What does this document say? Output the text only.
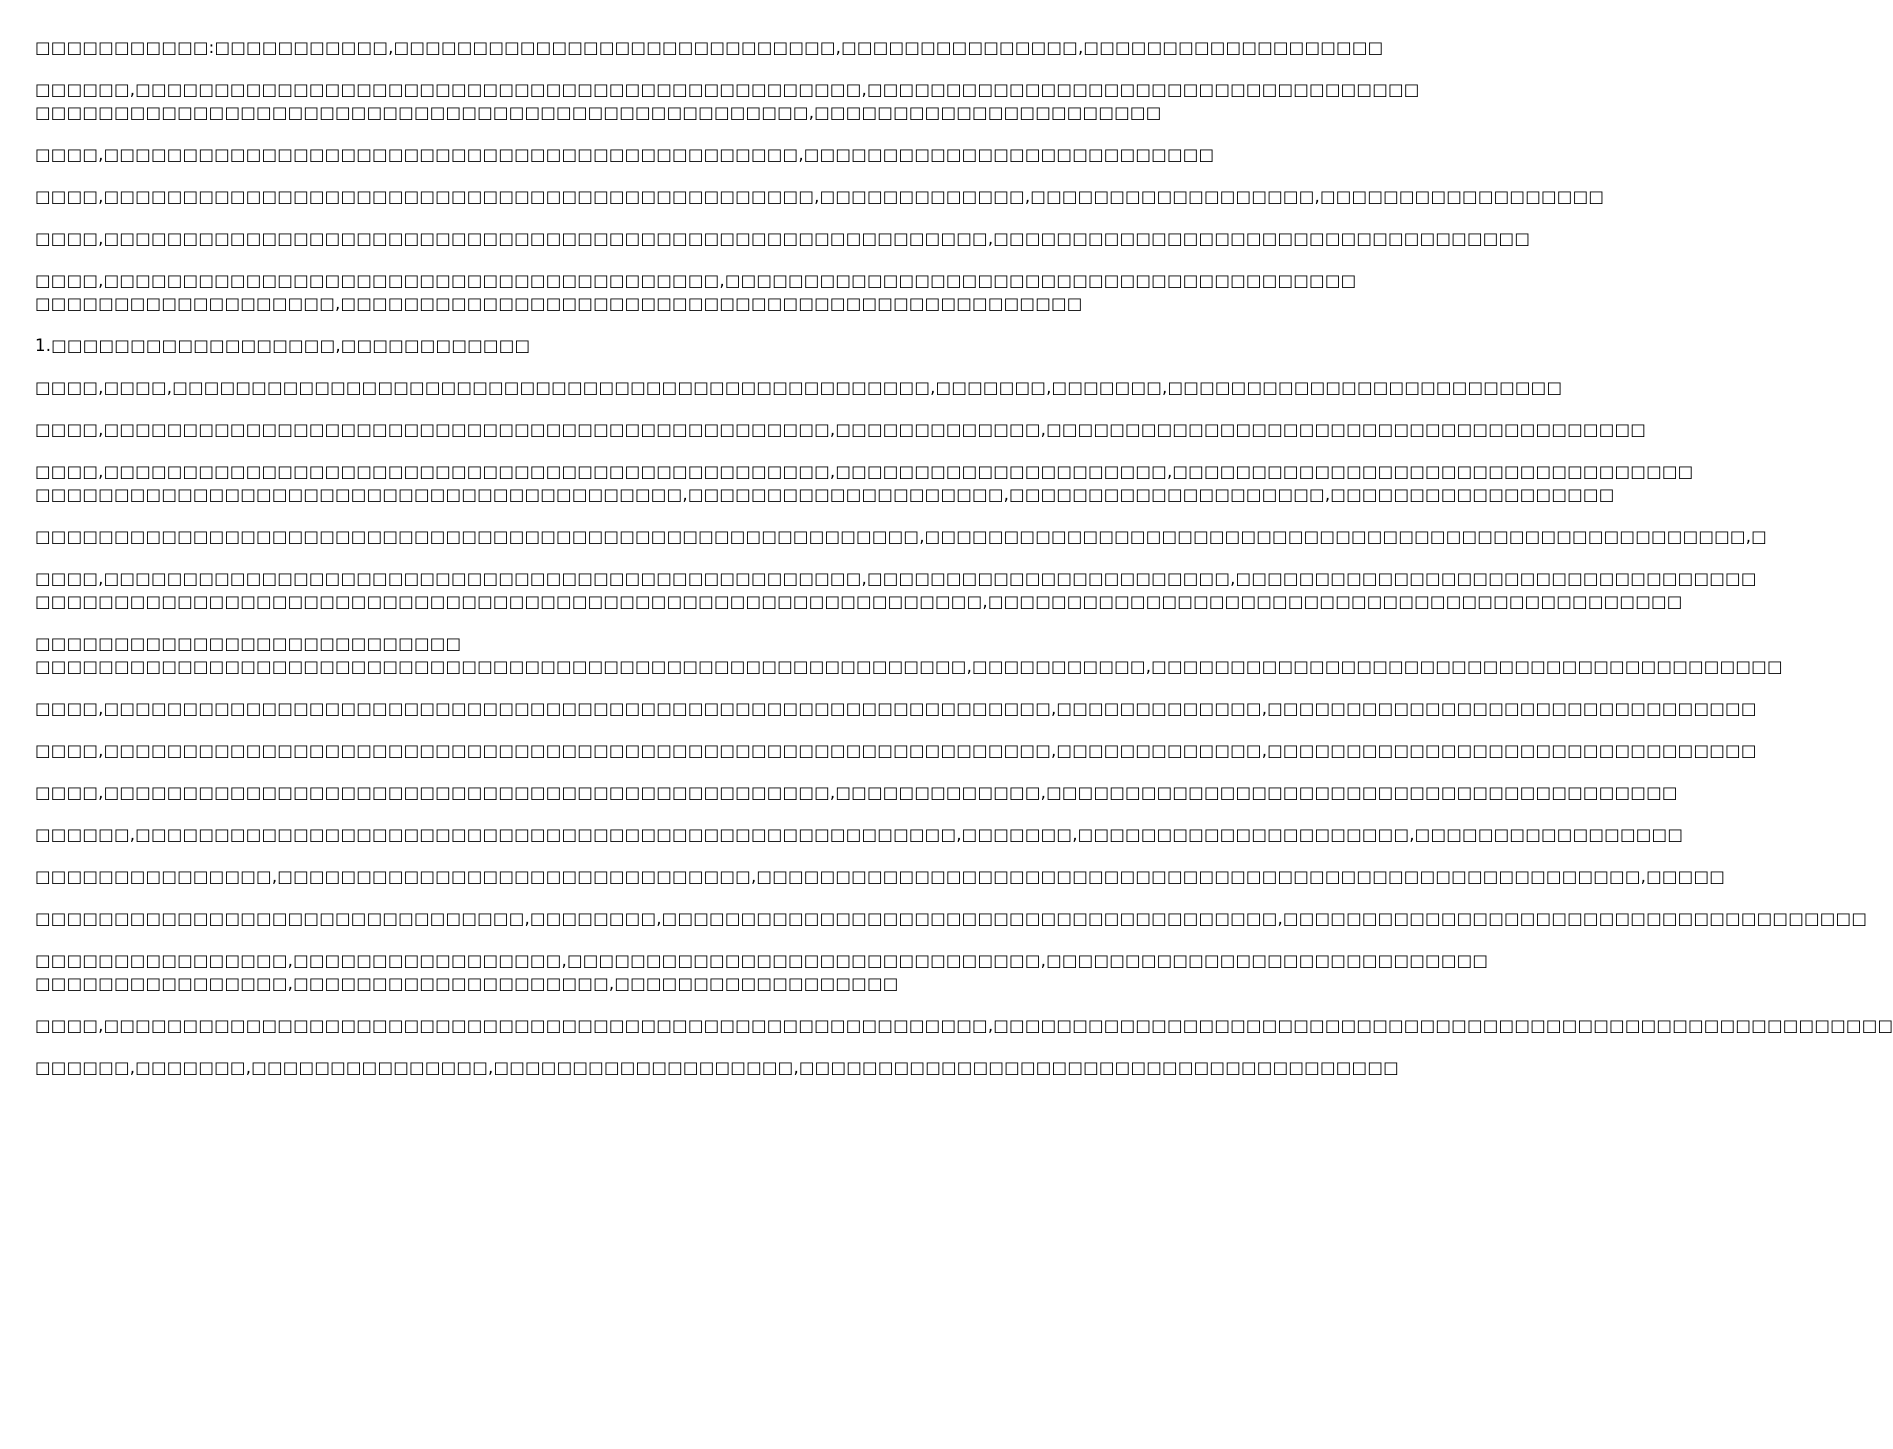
□□□□□□□□□□□:□□□□□□□□□□□,□□□□□□□□□□□□□□□□□□□□□□□□□□□□,□□□□□□□□□□□□□□□,□□□□□□□□□□□□□□□□□□□
□□□□□□,□□□□□□□□□□□□□□□□□□□□□□□□□□□□□□□□□□□□□□□□□□□□□□,□□□□□□□□□□□□□□□□□□□□□□□□□□□□□□□□□□□
□□□□□□□□□□□□□□□□□□□□□□□□□□□□□□□□□□□□□□□□□□□□□□□□□,□□□□□□□□□□□□□□□□□□□□□□
□□□□,□□□□□□□□□□□□□□□□□□□□□□□□□□□□□□□□□□□□□□□□□□□□,□□□□□□□□□□□□□□□□□□□□□□□□□□
□□□□,□□□□□□□□□□□□□□□□□□□□□□□□□□□□□□□□□□□□□□□□□□□□□,□□□□□□□□□□□□□,□□□□□□□□□□□□□□□□□□,□□□□□□□□□□□□□□□□□□
□□□□,□□□□□□□□□□□□□□□□□□□□□□□□□□□□□□□□□□□□□□□□□□□□□□□□□□□□□□□□,□□□□□□□□□□□□□□□□□□□□□□□□□□□□□□□□□□
□□□□,□□□□□□□□□□□□□□□□□□□□□□□□□□□□□□□□□□□□□□□,□□□□□□□□□□□□□□□□□□□□□□□□□□□□□□□□□□□□□□□□
□□□□□□□□□□□□□□□□□□□,□□□□□□□□□□□□□□□□□□□□□□□□□□□□□□□□□□□□□□□□□□□□□□□
1.□□□□□□□□□□□□□□□□□□,□□□□□□□□□□□□
□□□□,□□□□,□□□□□□□□□□□□□□□□□□□□□□□□□□□□□□□□□□□□□□□□□□□□□□□□,□□□□□□□,□□□□□□□,□□□□□□□□□□□□□□□□□□□□□□□□□
□□□□,□□□□□□□□□□□□□□□□□□□□□□□□□□□□□□□□□□□□□□□□□□□□□□,□□□□□□□□□□□□□,□□□□□□□□□□□□□□□□□□□□□□□□□□□□□□□□□□□□□□
□□□□,□□□□□□□□□□□□□□□□□□□□□□□□□□□□□□□□□□□□□□□□□□□□□□,□□□□□□□□□□□□□□□□□□□□□,□□□□□□□□□□□□□□□□□□□□□□□□□□□□□□□□□
□□□□□□□□□□□□□□□□□□□□□□□□□□□□□□□□□□□□□□□□□,□□□□□□□□□□□□□□□□□□□□,□□□□□□□□□□□□□□□□□□□□,□□□□□□□□□□□□□□□□□□
□□□□□□□□□□□□□□□□□□□□□□□□□□□□□□□□□□□□□□□□□□□□□□□□□□□□□□□□,□□□□□□□□□□□□□□□□□□□□□□□□□□□□□□□□□□□□□□□□□□□□□□□□□□□□,□
□□□□,□□□□□□□□□□□□□□□□□□□□□□□□□□□□□□□□□□□□□□□□□□□□□□□□,□□□□□□□□□□□□□□□□□□□□□□□,□□□□□□□□□□□□□□□□□□□□□□□□□□□□□□□□□
□□□□□□□□□□□□□□□□□□□□□□□□□□□□□□□□□□□□□□□□□□□□□□□□□□□□□□□□□□□□,□□□□□□□□□□□□□□□□□□□□□□□□□□□□□□□□□□□□□□□□□□□□
□□□□□□□□□□□□□□□□□□□□□□□□□□□
□□□□□□□□□□□□□□□□□□□□□□□□□□□□□□□□□□□□□□□□□□□□□□□□□□□□□□□□□□□,□□□□□□□□□□□,□□□□□□□□□□□□□□□□□□□□□□□□□□□□□□□□□□□□□□□□
□□□□,□□□□□□□□□□□□□□□□□□□□□□□□□□□□□□□□□□□□□□□□□□□□□□□□□□□□□□□□□□□□,□□□□□□□□□□□□□,□□□□□□□□□□□□□□□□□□□□□□□□□□□□□□□
□□□□,□□□□□□□□□□□□□□□□□□□□□□□□□□□□□□□□□□□□□□□□□□□□□□□□□□□□□□□□□□□□,□□□□□□□□□□□□□,□□□□□□□□□□□□□□□□□□□□□□□□□□□□□□□
□□□□,□□□□□□□□□□□□□□□□□□□□□□□□□□□□□□□□□□□□□□□□□□□□□□,□□□□□□□□□□□□□,□□□□□□□□□□□□□□□□□□□□□□□□□□□□□□□□□□□□□□□□
□□□□□□,□□□□□□□□□□□□□□□□□□□□□□□□□□□□□□□□□□□□□□□□□□□□□□□□□□□□,□□□□□□□,□□□□□□□□□□□□□□□□□□□□□,□□□□□□□□□□□□□□□□□
□□□□□□□□□□□□□□□,□□□□□□□□□□□□□□□□□□□□□□□□□□□□□□,□□□□□□□□□□□□□□□□□□□□□□□□□□□□□□□□□□□□□□□□□□□□□□□□□□□□□□□□,□□□□□
□□□□□□□□□□□□□□□□□□□□□□□□□□□□□□□,□□□□□□□□,□□□□□□□□□□□□□□□□□□□□□□□□□□□□□□□□□□□□□□□,□□□□□□□□□□□□□□□□□□□□□□□□□□□□□□□□□□□□□
□□□□□□□□□□□□□□□□,□□□□□□□□□□□□□□□□□,□□□□□□□□□□□□□□□□□□□□□□□□□□□□□□,□□□□□□□□□□□□□□□□□□□□□□□□□□□□
□□□□□□□□□□□□□□□□,□□□□□□□□□□□□□□□□□□□□,□□□□□□□□□□□□□□□□□□
□□□□,□□□□□□□□□□□□□□□□□□□□□□□□□□□□□□□□□□□□□□□□□□□□□□□□□□□□□□□□,□□□□□□□□□□□□□□□□□□□□□□□□□□□□□□□□□□□□□□□□□□□□□□□□□□□□□□□□□
□□□□□□,□□□□□□□,□□□□□□□□□□□□□□□,□□□□□□□□□□□□□□□□□□□,□□□□□□□□□□□□□□□□□□□□□□□□□□□□□□□□□□□□□□
